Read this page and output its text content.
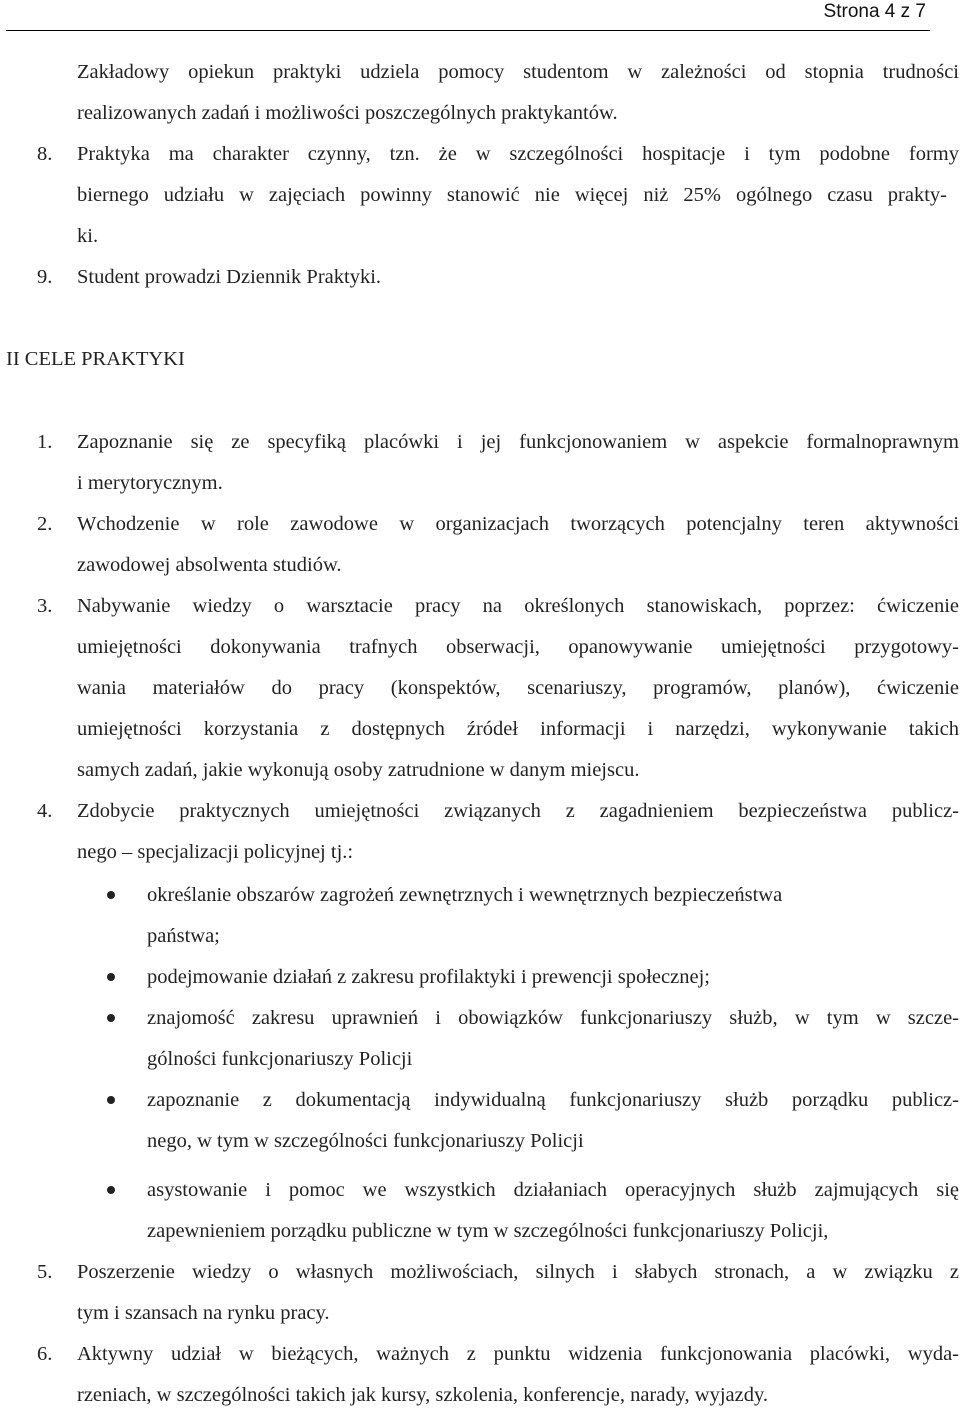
Strona 4 z 7
Zakładowy opiekun praktyki udziela pomocy studentom w zależności od stopnia trudności
realizowanych zadań i możliwości poszczególnych praktykantów.
8. Praktyka ma charakter czynny, tzn. że w szczególności hospitacje i tym podobne formy
biernego udziału w zajęciach powinny stanowić nie więcej niż 25% ogólnego czasu prakty-
ki.
9. Student prowadzi Dziennik Praktyki.
II CELE PRAKTYKI
1. Zapoznanie się ze specyfiką placówki i jej funkcjonowaniem w aspekcie formalnoprawnym
i merytorycznym.
2. Wchodzenie w role zawodowe w organizacjach tworzących potencjalny teren aktywności
zawodowej absolwenta studiów.
3. Nabywanie wiedzy o warsztacie pracy na określonych stanowiskach, poprzez: ćwiczenie
umiejętności dokonywania trafnych obserwacji, opanowywanie umiejętności przygotowy-
wania materiałów do pracy (konspektów, scenariuszy, programów, planów), ćwiczenie
umiejętności korzystania z dostępnych źródeł informacji i narzędzi, wykonywanie takich
samych zadań, jakie wykonują osoby zatrudnione w danym miejscu.
4. Zdobycie praktycznych umiejętności związanych z zagadnieniem bezpieczeństwa publicz-
nego – specjalizacji policyjnej tj.:
określanie obszarów zagrożeń zewnętrznych i wewnętrznych bezpieczeństwa
państwa;
podejmowanie działań z zakresu profilaktyki i prewencji społecznej;
znajomość zakresu uprawnień i obowiązków funkcjonariuszy służb, w tym w szcze-
gólności funkcjonariuszy Policji
zapoznanie z dokumentacją indywidualną funkcjonariuszy służb porządku publicz-
nego, w tym w szczególności funkcjonariuszy Policji
asystowanie i pomoc we wszystkich działaniach operacyjnych służb zajmujących się
zapewnieniem porządku publiczne w tym w szczególności funkcjonariuszy Policji,
5. Poszerzenie wiedzy o własnych możliwościach, silnych i słabych stronach, a w związku z
tym i szansach na rynku pracy.
6. Aktywny udział w bieżących, ważnych z punktu widzenia funkcjonowania placówki, wyda-
rzeniach, w szczególności takich jak kursy, szkolenia, konferencje, narady, wyjazdy.
